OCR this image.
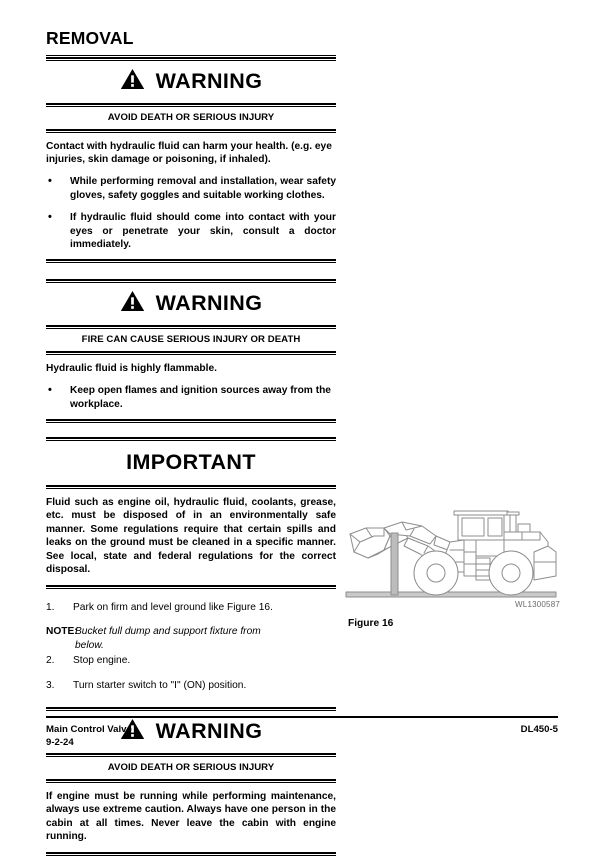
REMOVAL
WARNING
AVOID DEATH OR SERIOUS INJURY

Contact with hydraulic fluid can harm your health. (e.g. eye injuries, skin damage or poisoning, if inhaled).

• While performing removal and installation, wear safety gloves, safety goggles and suitable working clothes.
• If hydraulic fluid should come into contact with your eyes or penetrate your skin, consult a doctor immediately.
WARNING
FIRE CAN CAUSE SERIOUS INJURY OR DEATH

Hydraulic fluid is highly flammable.

• Keep open flames and ignition sources away from the workplace.
IMPORTANT

Fluid such as engine oil, hydraulic fluid, coolants, grease, etc. must be disposed of in an environmentally safe manner. Some regulations require that certain spills and leaks on the ground must be cleaned in a specific manner. See local, state and federal regulations for the correct disposal.

1. Park on firm and level ground like Figure 16.
NOTE:
Bucket full dump and support fixture from
below.
2. Stop engine.
3. Turn starter switch to "I" (ON) position.
WARNING
AVOID DEATH OR SERIOUS INJURY

If engine must be running while performing maintenance, always use extreme caution. Always have one person in the cabin at all times. Never leave the cabin with engine running.

WL1300587
Figure 16
Main Control Valve
9-2-24
DL450-5
